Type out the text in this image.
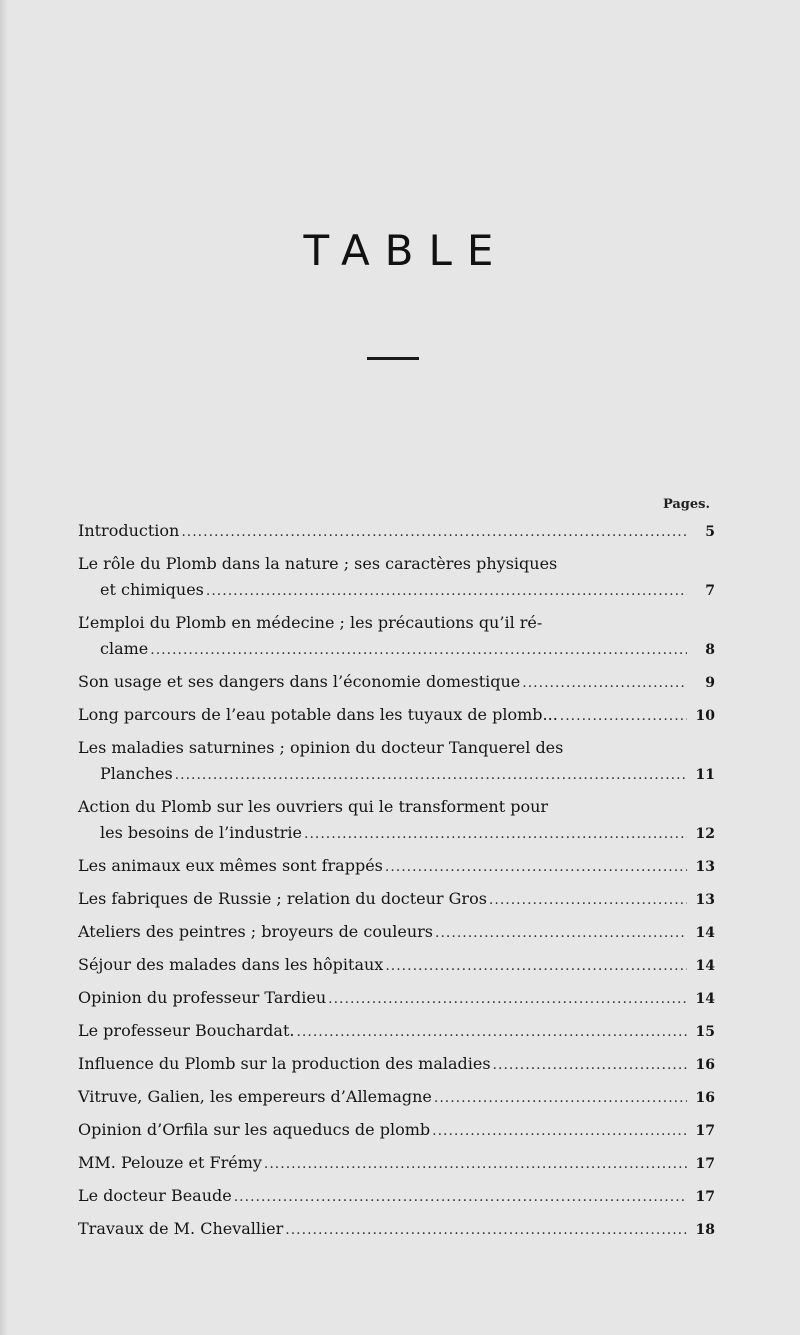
TABLE
Pages.
Introduction .....	5
Le rôle du Plomb dans la nature ; ses caractères physiques
et chimiques .....	7
L’emploi du Plomb en médecine ; les précautions qu’il ré-
clame .....	8
Son usage et ses dangers dans l’économie domestique .....	9
Long parcours de l’eau potable dans les tuyaux de plomb... .....	10
Les maladies saturnines ; opinion du docteur Tanquerel des
Planches .....	11
Action du Plomb sur les ouvriers qui le transforment pour
les besoins de l’industrie .....	12
Les animaux eux mêmes sont frappés .....	13
Les fabriques de Russie ; relation du docteur Gros .....	13
Ateliers des peintres ; broyeurs de couleurs .....	14
Séjour des malades dans les hôpitaux .....	14
Opinion du professeur Tardieu .....	14
Le professeur Bouchardat. .....	15
Influence du Plomb sur la production des maladies .....	16
Vitruve, Galien, les empereurs d’Allemagne .....	16
Opinion d’Orfila sur les aqueducs de plomb .....	17
MM. Pelouze et Frémy .....	17
Le docteur Beaude .....	17
Travaux de M. Chevallier .....	18
